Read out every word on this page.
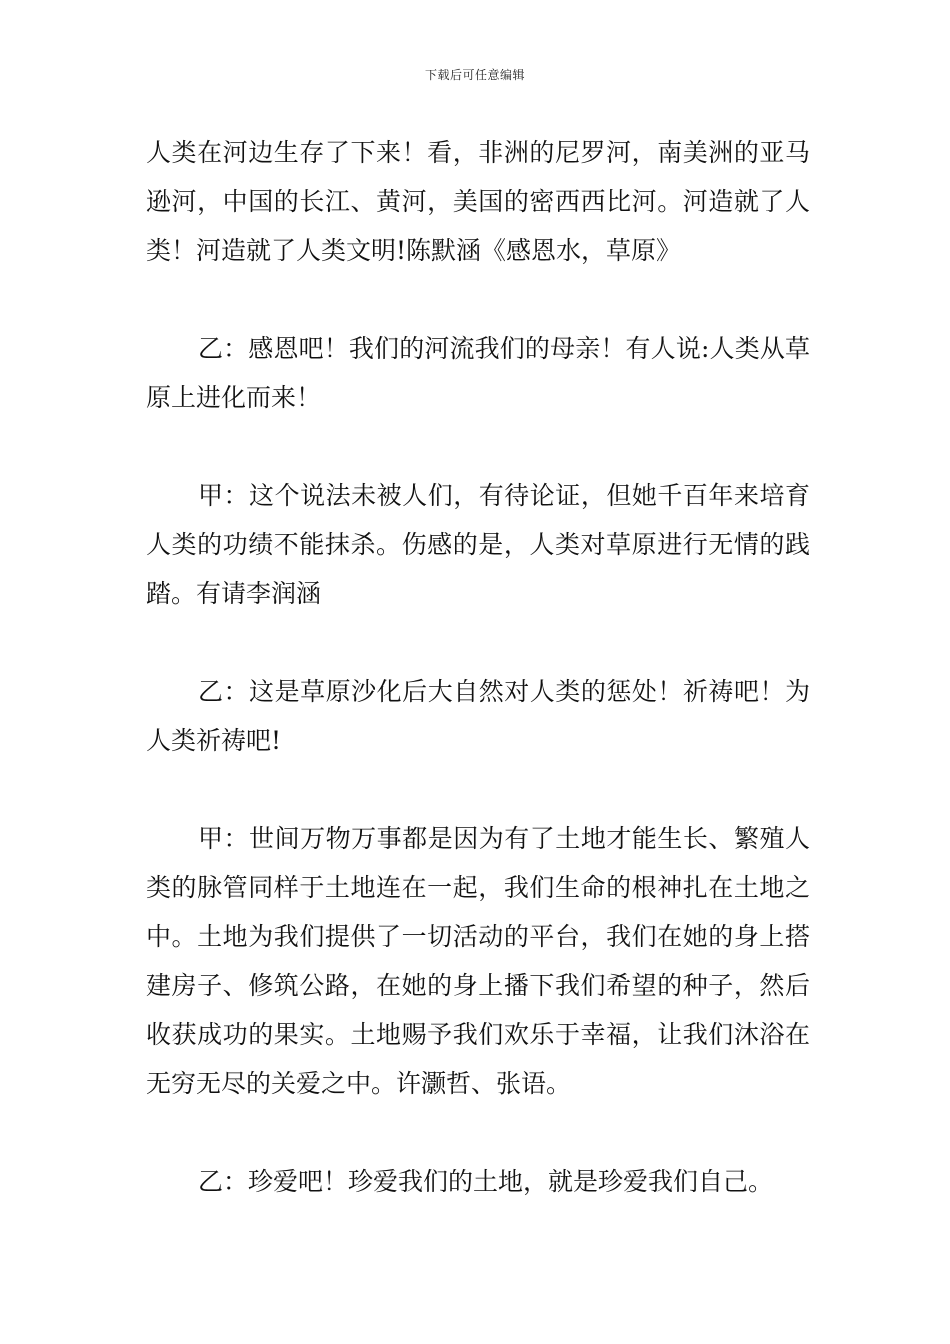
下载后可任意编辑

人类在河边生存了下来！看，非洲的尼罗河，南美洲的亚马逊河，中国的长江、黄河，美国的密西西比河。河造就了人类！河造就了人类文明!陈默涵《感恩水，草原》

乙：感恩吧！我们的河流我们的母亲！有人说:人类从草原上进化而来！

甲：这个说法未被人们，有待论证，但她千百年来培育人类的功绩不能抹杀。伤感的是，人类对草原进行无情的践踏。有请李润涵

乙：这是草原沙化后大自然对人类的惩处！祈祷吧！为人类祈祷吧!

甲：世间万物万事都是因为有了土地才能生长、繁殖人类的脉管同样于土地连在一起，我们生命的根神扎在土地之中。土地为我们提供了一切活动的平台，我们在她的身上搭建房子、修筑公路，在她的身上播下我们希望的种子，然后收获成功的果实。土地赐予我们欢乐于幸福，让我们沐浴在无穷无尽的关爱之中。许灏哲、张语。

乙：珍爱吧！珍爱我们的土地，就是珍爱我们自己。
